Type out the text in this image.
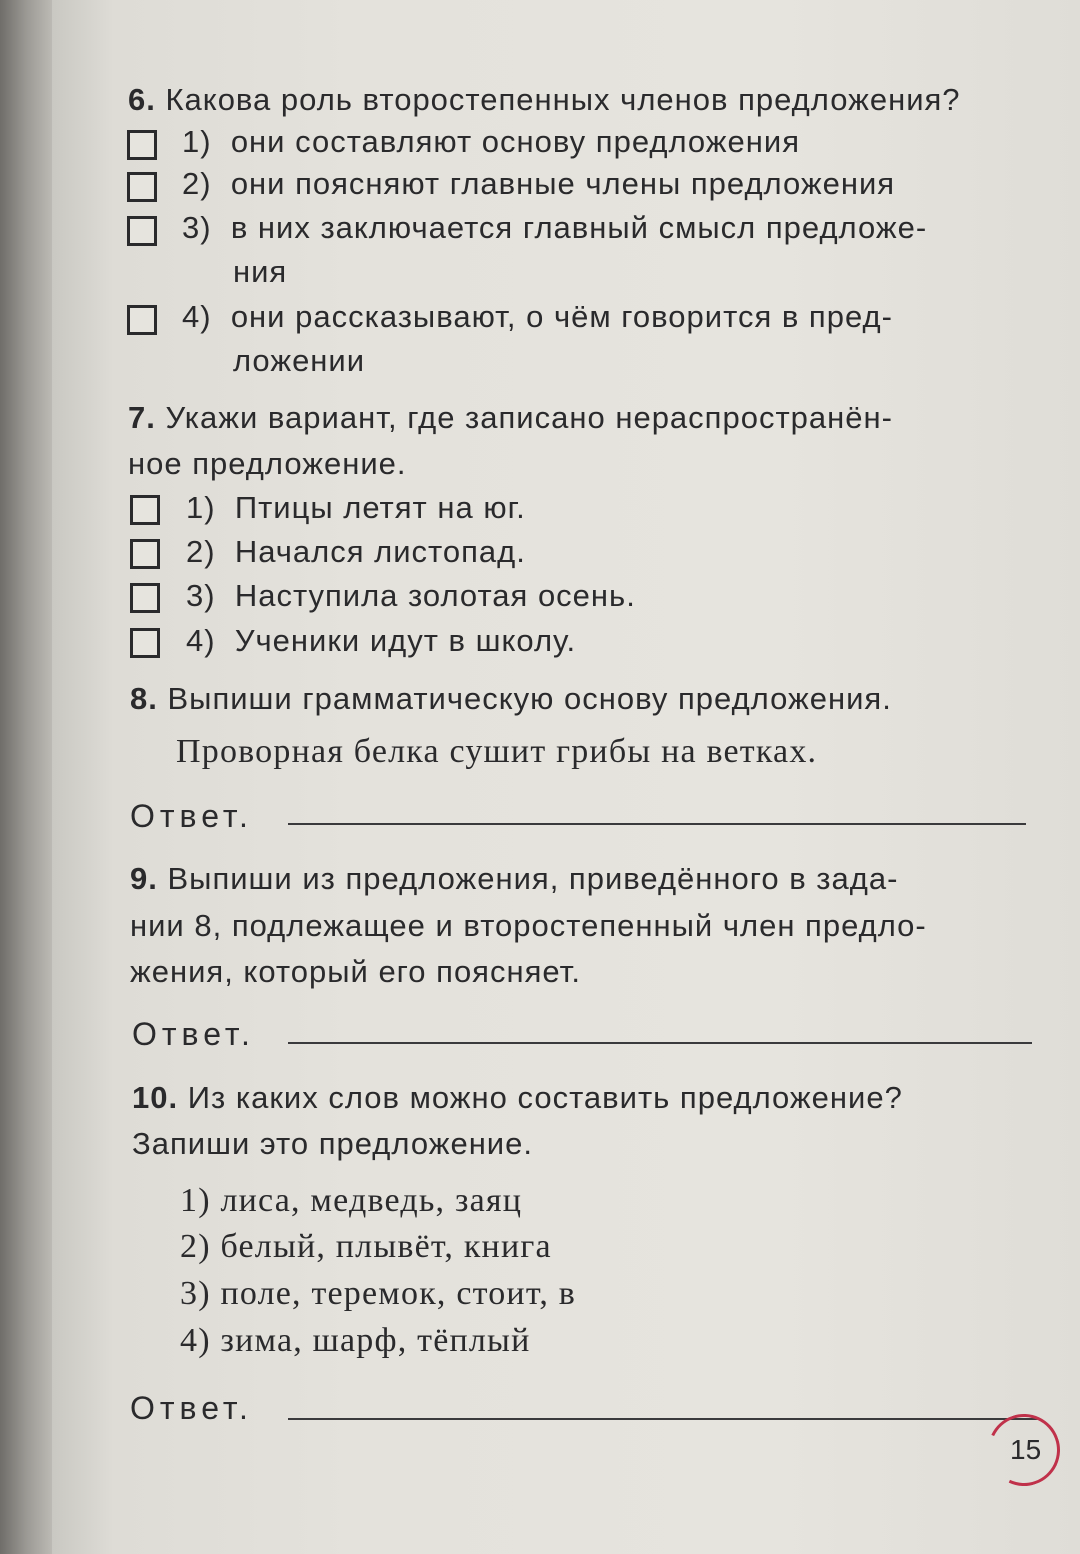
6. Какова роль второстепенных членов предложения?
1) они составляют основу предложения
2) они поясняют главные члены предложения
3) в них заключается главный смысл предложе-
ния
4) они рассказывают, о чём говорится в пред-
ложении
7. Укажи вариант, где записано нераспространён-
ное предложение.
1) Птицы летят на юг.
2) Начался листопад.
3) Наступила золотая осень.
4) Ученики идут в школу.
8. Выпиши грамматическую основу предложения.
Проворная белка сушит грибы на ветках.
Ответ.
9. Выпиши из предложения, приведённого в зада-
нии 8, подлежащее и второстепенный член предло-
жения, который его поясняет.
Ответ.
10. Из каких слов можно составить предложение?
Запиши это предложение.
1) лиса, медведь, заяц
2) белый, плывёт, книга
3) поле, теремок, стоит, в
4) зима, шарф, тёплый
Ответ.
15
